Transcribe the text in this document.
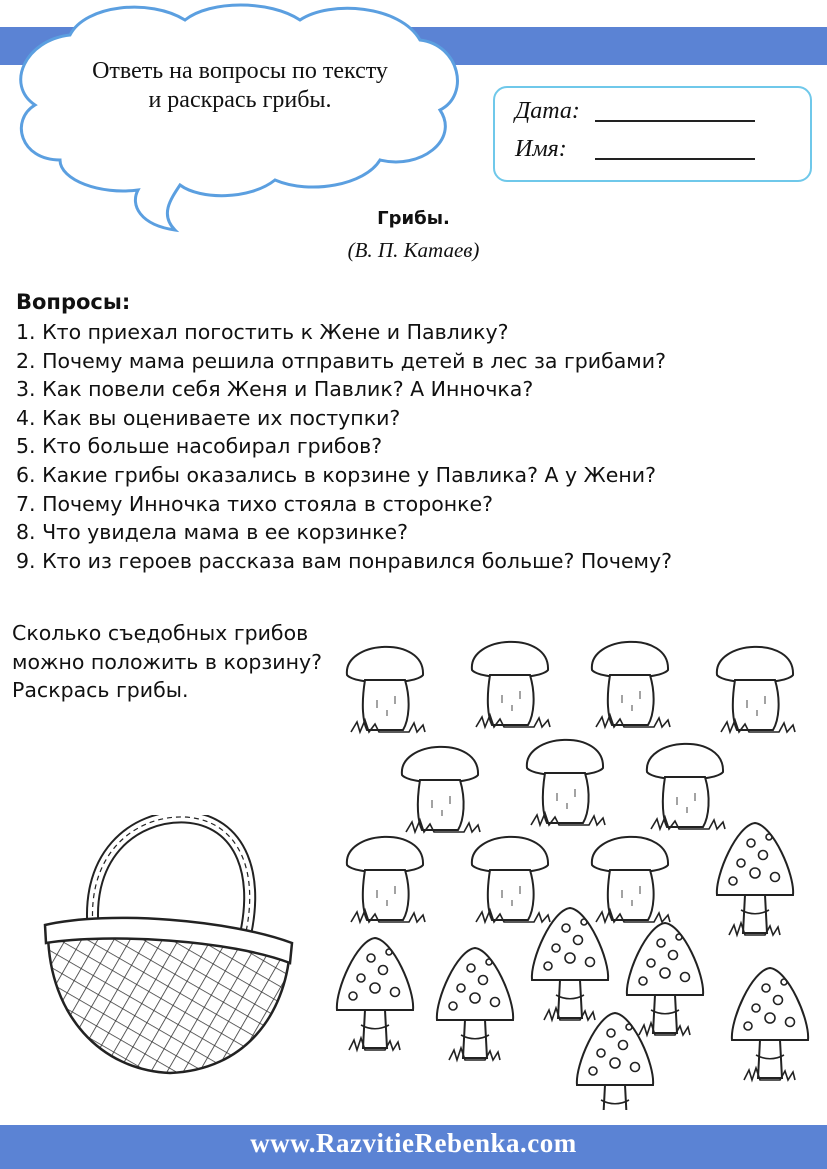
Ответь на вопросы по тексту
и раскрась грибы.	Дата:
Имя:
Грибы.
(В. П. Катаев)
Вопросы:
1. Кто приехал погостить к Жене и Павлику?
2. Почему мама решила отправить детей в лес за грибами?
3. Как повели себя Женя и Павлик? А Инночка?
4. Как вы оцениваете их поступки?
5. Кто больше насобирал грибов?
6. Какие грибы оказались в корзине у Павлика? А у Жени?
7. Почему Инночка тихо стояла в сторонке?
8. Что увидела мама в ее корзинке?
9. Кто из героев рассказа вам понравился больше? Почему?
Сколько съедобных грибов
можно положить в корзину?
Раскрась грибы.
www.RazvitieRebenka.com
